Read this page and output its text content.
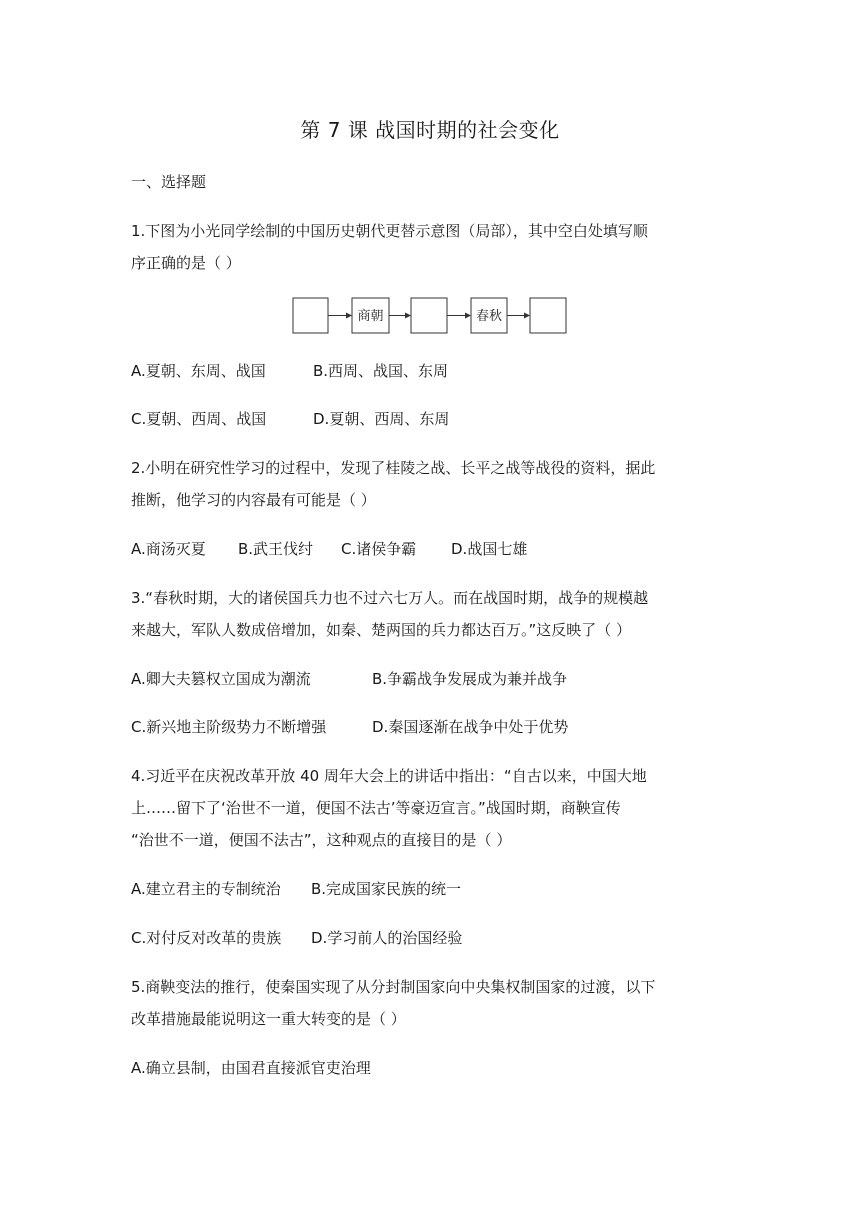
第 7 课 战国时期的社会变化
一、选择题
1.下图为小光同学绘制的中国历史朝代更替示意图（局部），其中空白处填写顺
序正确的是（ ）
商朝	春秋
A.夏朝、东周、战国	B.西周、战国、东周
C.夏朝、西周、战国	D.夏朝、西周、东周
2.小明在研究性学习的过程中，发现了桂陵之战、长平之战等战役的资料，据此
推断，他学习的内容最有可能是（ ）
A.商汤灭夏 B.武王伐纣 C.诸侯争霸 D.战国七雄
3.“春秋时期，大的诸侯国兵力也不过六七万人。而在战国时期，战争的规模越
来越大，军队人数成倍增加，如秦、楚两国的兵力都达百万。”这反映了（ ）
A.卿大夫篡权立国成为潮流	B.争霸战争发展成为兼并战争
C.新兴地主阶级势力不断增强	D.秦国逐渐在战争中处于优势
4.习近平在庆祝改革开放 40 周年大会上的讲话中指出：“自古以来，中国大地
上……留下了‘治世不一道，便国不法古’等豪迈宣言。”战国时期，商鞅宣传
“治世不一道，便国不法古”，这种观点的直接目的是（ ）
A.建立君主的专制统治 B.完成国家民族的统一
C.对付反对改革的贵族 D.学习前人的治国经验
5.商鞅变法的推行，使秦国实现了从分封制国家向中央集权制国家的过渡，以下
改革措施最能说明这一重大转变的是（ ）
A.确立县制，由国君直接派官吏治理
